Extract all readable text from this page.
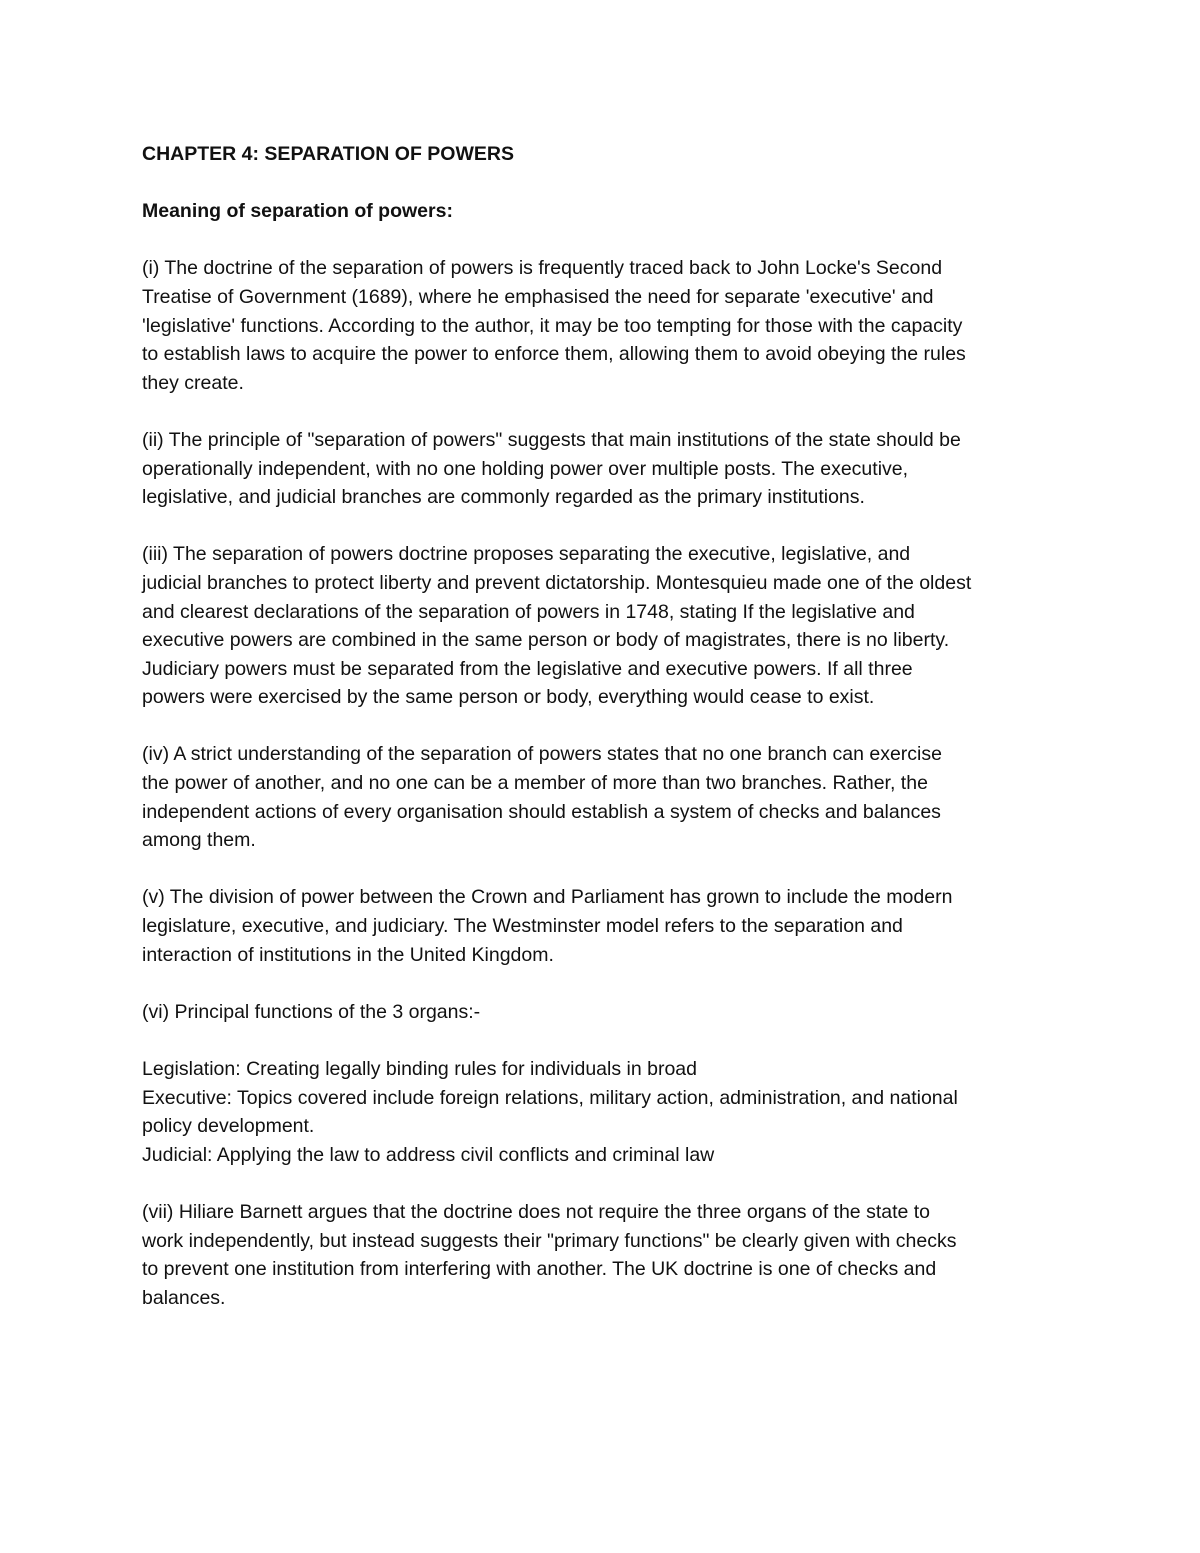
CHAPTER 4: SEPARATION OF POWERS
Meaning of separation of powers:
(i) The doctrine of the separation of powers is frequently traced back to John Locke's Second
Treatise of Government (1689), where he emphasised the need for separate 'executive' and
'legislative' functions. According to the author, it may be too tempting for those with the capacity
to establish laws to acquire the power to enforce them, allowing them to avoid obeying the rules
they create.
(ii) The principle of "separation of powers" suggests that main institutions of the state should be
operationally independent, with no one holding power over multiple posts. The executive,
legislative, and judicial branches are commonly regarded as the primary institutions.
(iii) The separation of powers doctrine proposes separating the executive, legislative, and
judicial branches to protect liberty and prevent dictatorship. Montesquieu made one of the oldest
and clearest declarations of the separation of powers in 1748, stating If the legislative and
executive powers are combined in the same person or body of magistrates, there is no liberty.
Judiciary powers must be separated from the legislative and executive powers. If all three
powers were exercised by the same person or body, everything would cease to exist.
(iv) A strict understanding of the separation of powers states that no one branch can exercise
the power of another, and no one can be a member of more than two branches. Rather, the
independent actions of every organisation should establish a system of checks and balances
among them.
(v) The division of power between the Crown and Parliament has grown to include the modern
legislature, executive, and judiciary. The Westminster model refers to the separation and
interaction of institutions in the United Kingdom.
(vi) Principal functions of the 3 organs:-
Legislation: Creating legally binding rules for individuals in broad
Executive: Topics covered include foreign relations, military action, administration, and national
policy development.
Judicial: Applying the law to address civil conflicts and criminal law
(vii) Hiliare Barnett argues that the doctrine does not require the three organs of the state to
work independently, but instead suggests their "primary functions" be clearly given with checks
to prevent one institution from interfering with another. The UK doctrine is one of checks and
balances.
